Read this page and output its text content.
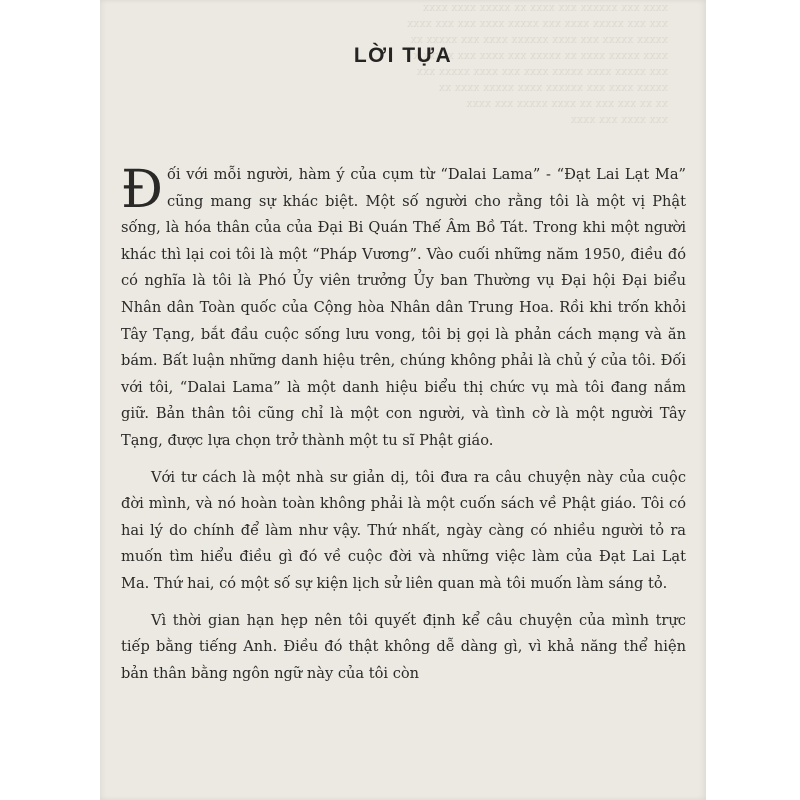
xxxx xxx xxxxxx xxx xxxx xx xxxxx xxxx xxxx
xxx xxx xxxxx xxxx xxx xxxxx xxxx xxx xxx xxxx
xxxxx xxxxx xxx xxxx xxxxxx xxxx xxx xxxxx xx
xxxx xxxxx xxxx xx xxxxx xxx xxxx xxx xxxxx x
xxx xxxxx xxxx xxxxx xxxx xxx xxxx xxxxx xxx
xxxxx xxxx xxx xxxxxx xxxx xxxxx xxxx xx
xx xx xxx xxx xx xxxx xxxxx xxx xxxx
xxx xxxx xxx xxxx
LỜI TỰA

Đối với mỗi người, hàm ý của cụm từ “Dalai Lama” - “Đạt Lai Lạt Ma” cũng mang sự khác biệt. Một số người cho rằng tôi là một vị Phật sống, là hóa thân của của Đại Bi Quán Thế Âm Bồ Tát. Trong khi một người khác thì lại coi tôi là một “Pháp Vương”. Vào cuối những năm 1950, điều đó có nghĩa là tôi là Phó Ủy viên trưởng Ủy ban Thường vụ Đại hội Đại biểu Nhân dân Toàn quốc của Cộng hòa Nhân dân Trung Hoa. Rồi khi trốn khỏi Tây Tạng, bắt đầu cuộc sống lưu vong, tôi bị gọi là phản cách mạng và ăn bám. Bất luận những danh hiệu trên, chúng không phải là chủ ý của tôi. Đối với tôi, “Dalai Lama” là một danh hiệu biểu thị chức vụ mà tôi đang nắm giữ. Bản thân tôi cũng chỉ là một con người, và tình cờ là một người Tây Tạng, được lựa chọn trở thành một tu sĩ Phật giáo.

Với tư cách là một nhà sư giản dị, tôi đưa ra câu chuyện này của cuộc đời mình, và nó hoàn toàn không phải là một cuốn sách về Phật giáo. Tôi có hai lý do chính để làm như vậy. Thứ nhất, ngày càng có nhiều người tỏ ra muốn tìm hiểu điều gì đó về cuộc đời và những việc làm của Đạt Lai Lạt Ma. Thứ hai, có một số sự kiện lịch sử liên quan mà tôi muốn làm sáng tỏ.

Vì thời gian hạn hẹp nên tôi quyết định kể câu chuyện của mình trực tiếp bằng tiếng Anh. Điều đó thật không dễ dàng gì, vì khả năng thể hiện bản thân bằng ngôn ngữ này của tôi còn
